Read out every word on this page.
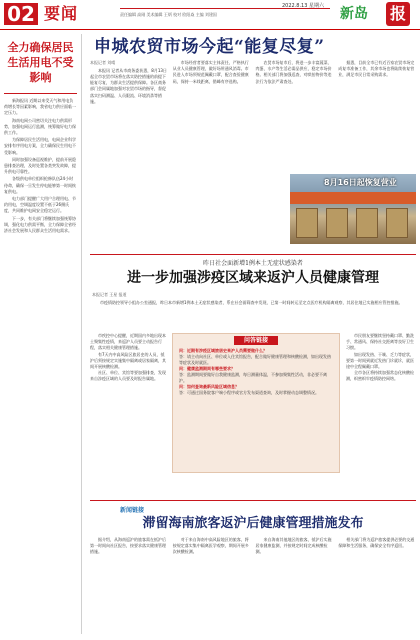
02 要闻	责任编辑 高刚 美术编辑 王炳 校对 欧阳焱 主编 刘建国
2022.8.13 星期六 新岛 报
全力确保居民生活用电不受影响

新海报讯 近期以来受天气和用电负荷增长等因素影响，我省电力供应面临一定压力。

海南电网公司密切关注电力供需形势，加强电网运行监测，统筹做好电力保供工作。

为保障居民生活用电，电网企业科学安排有序用电方案，全力确保民生用电不受影响。

同时加强设备巡视维护，提前开展隐患排查治理，及时处置各类突发故障，提升供电可靠性。

各级供电单位组织抢修队伍24小时待命，确保一旦发生停电能够第一时间恢复供电。

电力部门提醒广大用户合理用电、节约用电，空调温度设置不低于26摄氏度，共同维护电网安全稳定运行。

下一步，有关部门将继续加强统筹协调，强化电力供需平衡，全力保障全省经济社会发展和人民群众生活用电需求。

申城农贸市场今起“能复尽复”
本报记者 刘晴

本报讯 记者从市商务委获悉，8月13日起全市农贸市场将在落实防控措施的前提下能复尽复，为群众生活提供保障。各区商务部门会同属地加强对农贸市场的指导，督促落实扫码测温、人员限流、环境消杀等措施。

市场经营者要落实主体责任，严格执行从业人员健康管理，做好场所通风消毒。市民进入市场须规范佩戴口罩，配合查验健康码，保持一米线距离，错峰有序选购。

农贸市场复市后，将进一步丰富蔬菜、肉蛋、水产等生活必需品供应，稳定市场价格。相关部门将加强巡查，对哄抬物价等违法行为依法严肃查处。

据悉，目前全市已有近百家农贸市场完成复市准备工作，其余市场也将陆续恢复营业，满足市民日常采购需求。

8月16日起恢复营业
昨日社会面新增1例本土无症状感染者
进一步加强涉疫区域来返沪人员健康管理
本报记者 王星 报道

市疫情防控领导小组办公室通报，昨日本市新增1例本土无症状感染者，系在社会面筛查中发现，已第一时间转运至定点医疗机构隔离观察，其居住地已实施相应管控措施。

市疾控中心提醒，近期国内多地出现本土聚集性疫情，来返沪人员要主动报告行程，落实相关健康管理措施。

有7天内中高风险区旅居史的人员，抵沪后须按规定实施集中隔离或居家隔离，其间开展核酸检测。

社区、单位、宾馆等要加强排查，发现来自涉疫区域的人员要及时报告属地。

问答链接

问：近期有涉疫区域旅居史来沪人员需要做什么？

答：请主动向社区、单位或入住宾馆报告，配合做好健康管理和核酸检测，如出现发热等症状及时就医。

问：健康监测期间有哪些要求？

答：监测期间要做好自我健康监测，每日测量体温，不参加聚集性活动，非必要不离沪。

问：如何查询最新风险区域信息？

答：可通过国务院客户端小程序或官方发布渠道查询，及时掌握动态调整情况。

市民朋友要继续坚持戴口罩、勤洗手、常通风、保持社交距离等良好卫生习惯。

如出现发热、干咳、乏力等症状，要第一时间到就近发热门诊就诊，就医途中全程佩戴口罩。

全市各区将持续加强常态化核酸检测，织密织牢疫情防控网络。

新闻链接
滞留海南旅客返沪后健康管理措施发布

据介绍，从海南返沪的旅客需在抵沪后第一时间向社区报告，按要求落实健康管理措施。

对于来自海南中高风险地区的旅客，将按规定落实集中隔离医学观察，期间开展多次核酸检测。

来自海南其他地区的旅客，抵沪后实施居家健康监测，并按规定时间完成核酸检测。

相关部门将为返沪旅客提供必要的交通保障和生活服务，确保安全有序返回。
